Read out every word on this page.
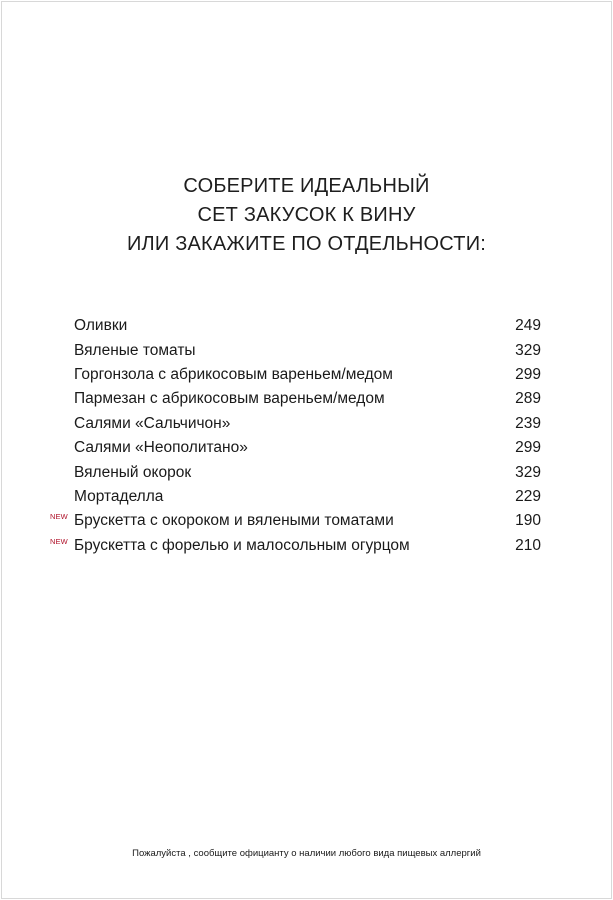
СОБЕРИТЕ ИДЕАЛЬНЫЙ
СЕТ ЗАКУСОК К ВИНУ
ИЛИ ЗАКАЖИТЕ ПО ОТДЕЛЬНОСТИ:
Оливки	249
Вяленые томаты	329
Горгонзола с абрикосовым вареньем/медом	299
Пармезан с абрикосовым вареньем/медом	289
Салями «Сальчичон»	239
Салями «Неополитано»	299
Вяленый окорок	329
Мортаделла	229
NEW Брускетта с окороком и вялеными томатами	190
NEW Брускетта с форелью и малосольным огурцом	210
Пожалуйста , сообщите официанту о наличии любого вида пищевых аллергий
